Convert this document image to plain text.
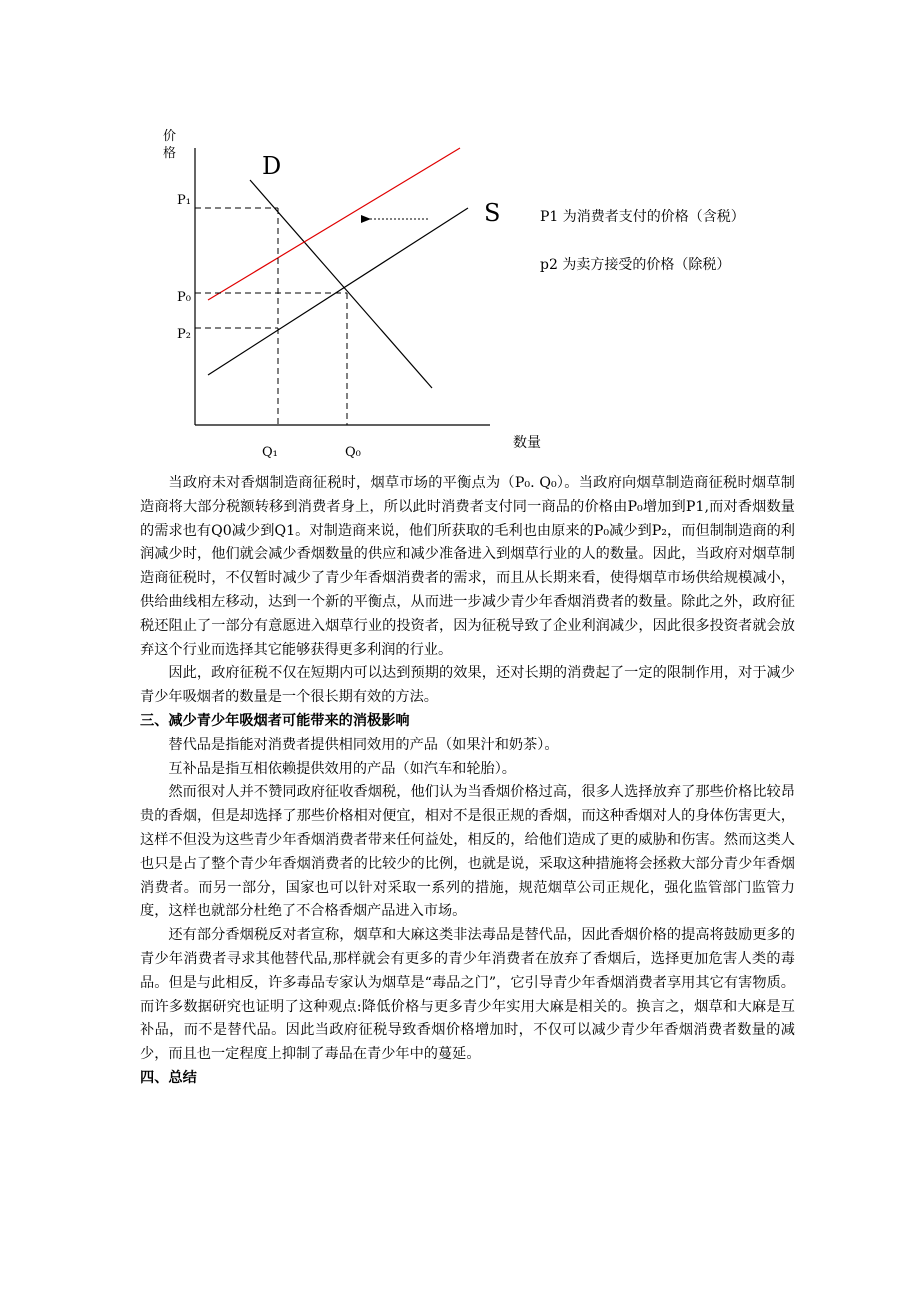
价格
数量
D
S
P₁
P₀
P₂
Q₁	Q₀
P1 为消费者支付的价格（含税）
p2 为卖方接受的价格（除税）

当政府未对香烟制造商征税时，烟草市场的平衡点为（P₀. Q₀）。当政府向烟草制造商征税时烟草制造商将大部分税额转移到消费者身上，所以此时消费者支付同一商品的价格由P₀增加到P1,而对香烟数量的需求也有Q0减少到Q1。对制造商来说，他们所获取的毛利也由原来的P₀减少到P₂，而但制制造商的利润减少时，他们就会减少香烟数量的供应和减少准备进入到烟草行业的人的数量。因此，当政府对烟草制造商征税时，不仅暂时减少了青少年香烟消费者的需求，而且从长期来看，使得烟草市场供给规模减小，供给曲线相左移动，达到一个新的平衡点，从而进一步减少青少年香烟消费者的数量。除此之外，政府征税还阻止了一部分有意愿进入烟草行业的投资者，因为征税导致了企业利润减少，因此很多投资者就会放弃这个行业而选择其它能够获得更多利润的行业。

因此，政府征税不仅在短期内可以达到预期的效果，还对长期的消费起了一定的限制作用，对于减少青少年吸烟者的数量是一个很长期有效的方法。

三、减少青少年吸烟者可能带来的消极影响

替代品是指能对消费者提供相同效用的产品（如果汁和奶茶）。

互补品是指互相依赖提供效用的产品（如汽车和轮胎）。

然而很对人并不赞同政府征收香烟税，他们认为当香烟价格过高，很多人选择放弃了那些价格比较昂贵的香烟，但是却选择了那些价格相对便宜，相对不是很正规的香烟，而这种香烟对人的身体伤害更大，这样不但没为这些青少年香烟消费者带来任何益处，相反的，给他们造成了更的威胁和伤害。然而这类人也只是占了整个青少年香烟消费者的比较少的比例，也就是说，采取这种措施将会拯救大部分青少年香烟消费者。而另一部分，国家也可以针对采取一系列的措施，规范烟草公司正规化，强化监管部门监管力度，这样也就部分杜绝了不合格香烟产品进入市场。

还有部分香烟税反对者宣称，烟草和大麻这类非法毒品是替代品，因此香烟价格的提高将鼓励更多的青少年消费者寻求其他替代品,那样就会有更多的青少年消费者在放弃了香烟后，选择更加危害人类的毒品。但是与此相反，许多毒品专家认为烟草是“毒品之门”，它引导青少年香烟消费者享用其它有害物质。而许多数据研究也证明了这种观点:降低价格与更多青少年实用大麻是相关的。换言之，烟草和大麻是互补品，而不是替代品。因此当政府征税导致香烟价格增加时，不仅可以减少青少年香烟消费者数量的减少，而且也一定程度上抑制了毒品在青少年中的蔓延。

四、总结
